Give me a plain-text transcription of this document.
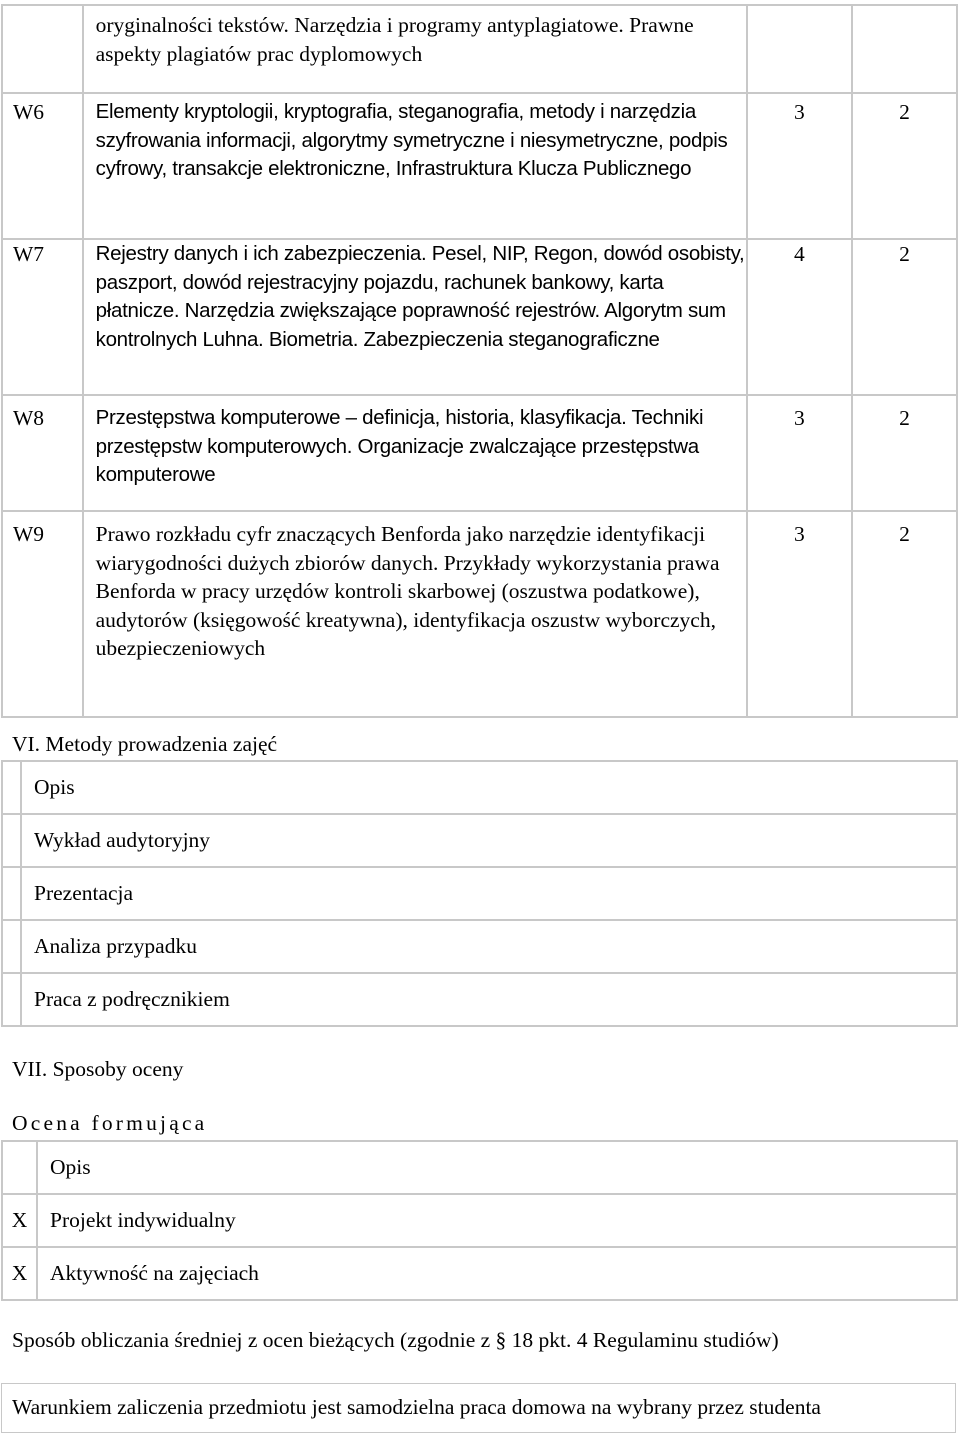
	oryginalności tekstów. Narzędzia i programy antyplagiatowe. Prawne aspekty plagiatów prac dyplomowych		
W6	Elementy kryptologii, kryptografia, steganografia, metody i narzędzia szyfrowania informacji, algorytmy symetryczne i niesymetryczne, podpis cyfrowy, transakcje elektroniczne, Infrastruktura Klucza Publicznego	3	2
W7	Rejestry danych i ich zabezpieczenia. Pesel, NIP, Regon, dowód osobisty, paszport, dowód rejestracyjny pojazdu, rachunek bankowy, karta płatnicze. Narzędzia zwiększające poprawność rejestrów. Algorytm sum kontrolnych Luhna. Biometria. Zabezpieczenia steganograficzne	4	2
W8	Przestępstwa komputerowe – definicja, historia, klasyfikacja. Techniki przestępstw komputerowych. Organizacje zwalczające przestępstwa komputerowe	3	2
W9	Prawo rozkładu cyfr znaczących Benforda jako narzędzie identyfikacji wiarygodności dużych zbiorów danych. Przykłady wykorzystania prawa Benforda w pracy urzędów kontroli skarbowej (oszustwa podatkowe), audytorów (księgowość kreatywna), identyfikacja oszustw wyborczych, ubezpieczeniowych	3	2
VI. Metody prowadzenia zajęć
	Opis
	Wykład audytoryjny
	Prezentacja
	Analiza przypadku
	Praca z podręcznikiem
VII. Sposoby oceny
Ocena formująca
	Opis
X	Projekt indywidualny
X	Aktywność na zajęciach
Sposób obliczania średniej z ocen bieżących (zgodnie z § 18 pkt. 4 Regulaminu studiów)
Warunkiem zaliczenia przedmiotu jest samodzielna praca domowa na wybrany przez studenta
